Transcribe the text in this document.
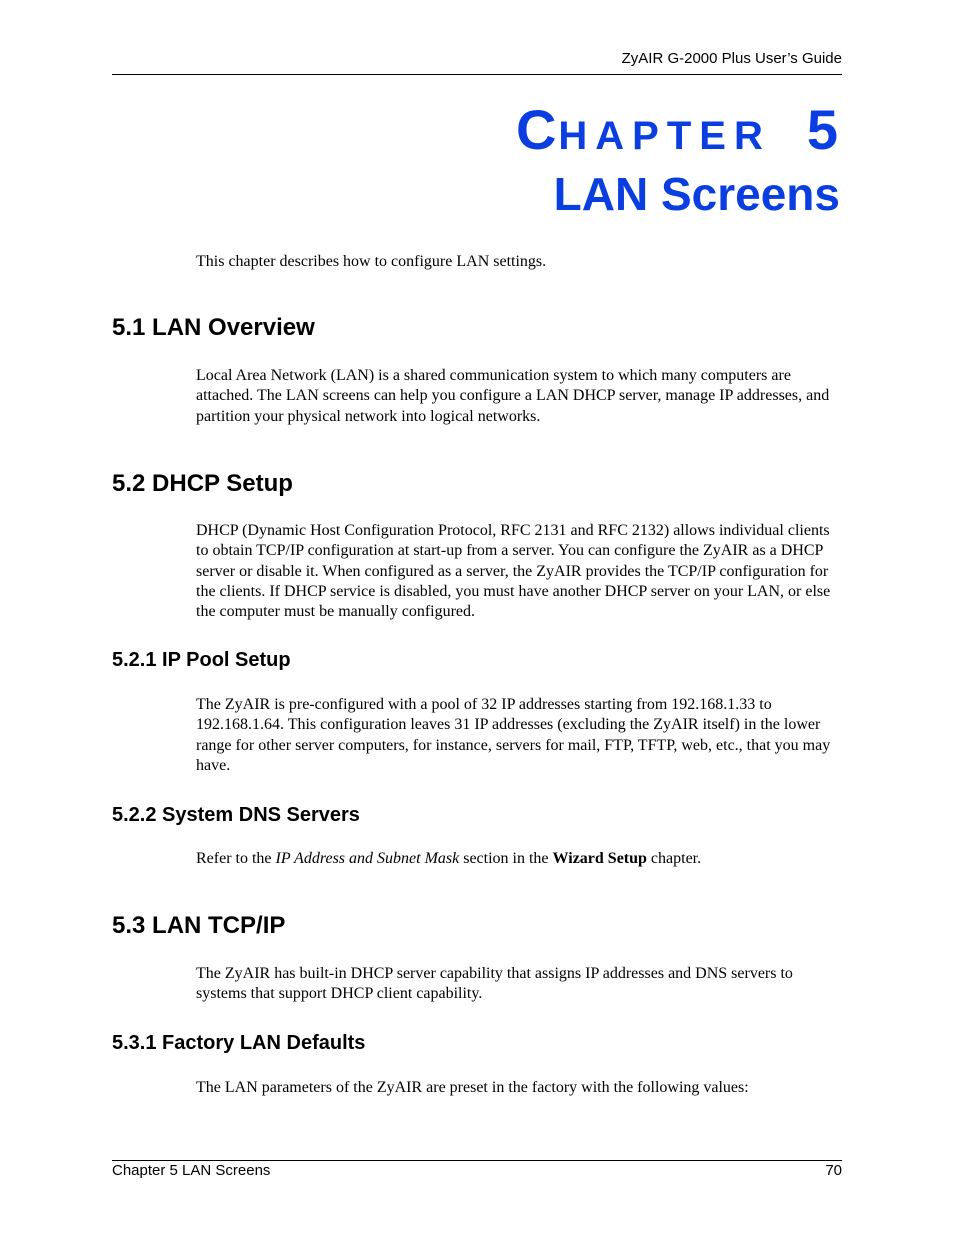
ZyAIR G-2000 Plus User’s Guide
CHAPTER 5
LAN Screens

This chapter describes how to configure LAN settings.

5.1 LAN Overview

Local Area Network (LAN) is a shared communication system to which many computers are attached. The LAN screens can help you configure a LAN DHCP server, manage IP addresses, and partition your physical network into logical networks.

5.2 DHCP Setup

DHCP (Dynamic Host Configuration Protocol, RFC 2131 and RFC 2132) allows individual clients to obtain TCP/IP configuration at start-up from a server. You can configure the ZyAIR as a DHCP server or disable it. When configured as a server, the ZyAIR provides the TCP/IP configuration for the clients. If DHCP service is disabled, you must have another DHCP server on your LAN, or else the computer must be manually configured.

5.2.1 IP Pool Setup

The ZyAIR is pre-configured with a pool of 32 IP addresses starting from 192.168.1.33 to 192.168.1.64. This configuration leaves 31 IP addresses (excluding the ZyAIR itself) in the lower range for other server computers, for instance, servers for mail, FTP, TFTP, web, etc., that you may have.

5.2.2 System DNS Servers

Refer to the IP Address and Subnet Mask section in the Wizard Setup chapter.

5.3 LAN TCP/IP

The ZyAIR has built-in DHCP server capability that assigns IP addresses and DNS servers to systems that support DHCP client capability.

5.3.1 Factory LAN Defaults

The LAN parameters of the ZyAIR are preset in the factory with the following values:

Chapter 5 LAN Screens	70
